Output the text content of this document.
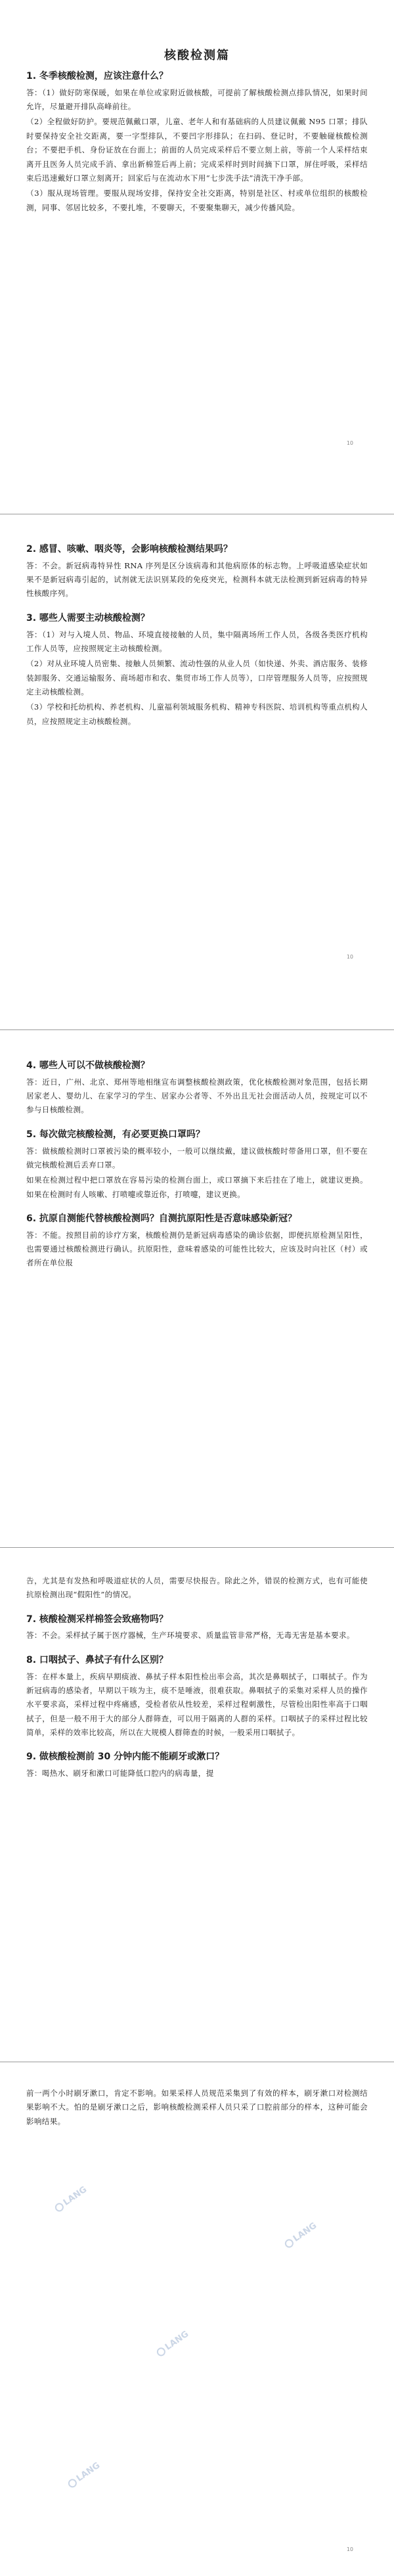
核酸检测篇
1. 冬季核酸检测，应该注意什么？

答：（1）做好防寒保暖，如果在单位或家附近做核酸，可提前了解核酸检测点排队情况，如果时间允许，尽量避开排队高峰前往。

（2）全程做好防护。要规范佩戴口罩，儿童、老年人和有基础病的人员建议佩戴 N95 口罩；排队时要保持安全社交距离，要一字型排队，不要凹字形排队；在扫码、登记时，不要触碰核酸检测台；不要把手机、身份证放在台面上；前面的人员完成采样后不要立刻上前，等前一个人采样结束离开且医务人员完成手消、拿出新棉签后再上前；完成采样时到时间摘下口罩，屏住呼吸，采样结束后迅速戴好口罩立刻离开；回家后与在流动水下用“七步洗手法”清洗干净手部。

（3）服从现场管理。要服从现场安排，保持安全社交距离，特别是社区、村或单位组织的核酸检测，同事、邻居比较多，不要扎堆，不要聊天，不要聚集聊天，减少传播风险。

10
2. 感冒、咳嗽、咽炎等，会影响核酸检测结果吗？

答：不会。新冠病毒特异性 RNA 序列是区分该病毒和其他病原体的标志物。上呼吸道感染症状如果不是新冠病毒引起的，试剂就无法识别某段的免疫突光，检测科本就无法检测到新冠病毒的特异性核酸序列。

3. 哪些人需要主动核酸检测？

答：（1）对与入境人员、物品、环境直接接触的人员，集中隔离场所工作人员，各级各类医疗机构工作人员等，应按照规定主动核酸检测。

（2）对从业环境人员密集、接触人员频繁、流动性强的从业人员（如快递、外卖、酒店服务、装修装卸服务、交通运输服务、商场超市和农、集贸市场工作人员等），口岸管理服务人员等，应按照规定主动核酸检测。

（3）学校和托幼机构、养老机构、儿童福利领域服务机构、精神专科医院、培训机构等重点机构人员，应按照规定主动核酸检测。

10
4. 哪些人可以不做核酸检测？

答：近日，广州、北京、郑州等地相继宣布调整核酸检测政策，优化核酸检测对象范围，包括长期居家老人、婴幼儿、在家学习的学生、居家办公者等、不外出且无社会面活动人员，按规定可以不参与日核酸检测。

5. 每次做完核酸检测，有必要更换口罩吗？

答：做核酸检测时口罩被污染的概率较小，一般可以继续戴，建议做核酸时带备用口罩，但不要在做完核酸检测后丢弃口罩。

如果在检测过程中把口罩放在容易污染的检测台面上，或口罩摘下来后挂在了地上，就建议更换。如果在检测时有人咳嗽、打喷嚏或靠近你，打喷嚏，建议更换。

6. 抗原自测能代替核酸检测吗？自测抗原阳性是否意味感染新冠？

答：不能。按照目前的诊疗方案，核酸检测仍是新冠病毒感染的确诊依据，即便抗原检测呈阳性，也需要通过核酸检测进行确认。抗原阳性，意味着感染的可能性比较大，应该及时向社区（村）或者所在单位报

告，尤其是有发热和呼吸道症状的人员，需要尽快报告。除此之外，错误的检测方式，也有可能使抗原检测出现“假阳性”的情况。

7. 核酸检测采样棉签会致癌物吗？

答：不会。采样拭子属于医疗器械，生产环境要求、质量监管非常严格，无毒无害是基本要求。

8. 口咽拭子、鼻拭子有什么区别？

答：在样本量上，疾病早期痰液、鼻拭子样本阳性检出率会高，其次是鼻咽拭子，口咽拭子。作为新冠病毒的感染者，早期以干咳为主，痰不是唾液，很难获取。鼻咽拭子的采集对采样人员的操作水平要求高，采样过程中疼痛感，受检者依从性较差，采样过程刺激性，尽管检出阳性率高于口咽拭子，但是一般不用于大的部分人群筛查，可以用于隔离的人群的采样。口咽拭子的采样过程比较简单，采样的效率比较高，所以在大规模人群筛查的时候，一般采用口咽拭子。

9. 做核酸检测前 30 分钟内能不能刷牙或漱口？

答：喝热水、刷牙和漱口可能降低口腔内的病毒量，提

前一两个小时刷牙漱口，肯定不影响。如果采样人员规范采集到了有效的样本，刷牙漱口对检测结果影响不大。怕的是刷牙漱口之后，影响核酸检测采样人员只采了口腔前部分的样本，这种可能会影响结果。

LANG
LANG
LANG
LANG
10
